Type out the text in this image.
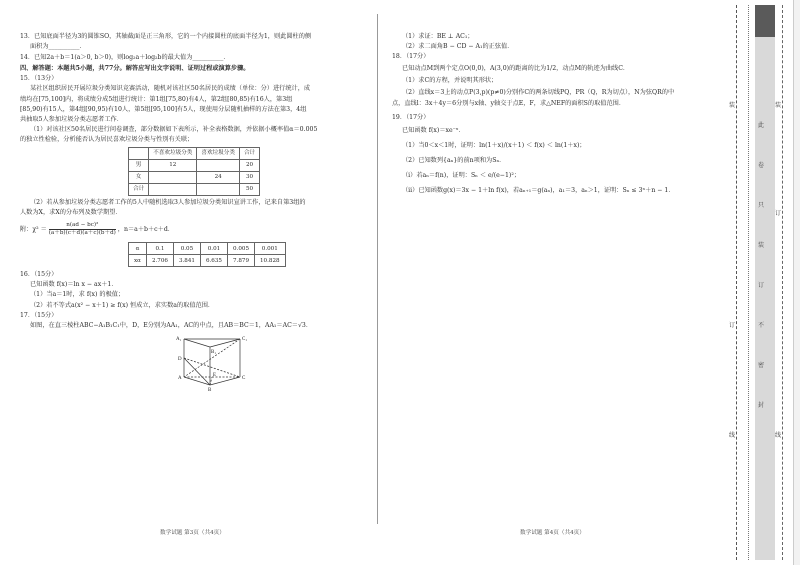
13．已知底面半径为3的圆锥SO，其轴截面是正三角形，它的一个内接圆柱的底面半径为1，则此圆柱的侧
面积为__________．
14．已知2a＋b＝1(a＞0, b＞0)，则log₂a＋log₂b的最大值为__________．
四、解答题：本题共5小题，共77分。解答应写出文字说明、证明过程或演算步骤。
15．（13分）
某社区组织居民开展垃圾分类知识竞赛活动，随机对该社区50名居民的成绩（单位：分）进行统计，成
绩均在[75,100]内，将成绩分成5组进行统计：第1组[75,80)有4人，第2组[80,85)有16人，第3组
[85,90)有15人，第4组[90,95)有10人，第5组[95,100]有5人，现使用分层随机抽样的方法在第3，4组
共抽取5人参加垃圾分类志愿者工作．
（1）对该社区50名居民进行问卷调查，部分数据如下表所示，补全表格数据，并依据小概率值α＝0.005
的独立性检验，分析能否认为居民喜欢垃圾分类与性别有关联；
	不喜欢垃圾分类	喜欢垃圾分类	合计
男	12		20
女		24	30
合计			50
（2）若从参加垃圾分类志愿者工作的5人中随机选取3人参加垃圾分类知识宣讲工作，记来自第3组的
人数为X，求X的分布列及数学期望．
附：$\chi^2 = \frac{\text{n(ad − bc)²}}{(a+b)(c+d)(a+c)(b+d)}$ ，n＝a＋b＋c＋d．
α	0.1	0.05	0.01	0.005	0.001
xα	2.706	3.841	6.635	7.879	10.828
16．（15分）
已知函数 f(x)＝ln x − ax＋1．
（1）当a＝1时，求 f(x) 的极值；
（2）若不等式a(x² − x＋1) ≥ f(x) 恒成立，求实数a的取值范围．
17．（15分）
如图，在直三棱柱ABC−A₁B₁C₁中，D，E分别为AA₁，AC的中点，且AB＝BC＝1，AA₁＝AC＝√3．
A₁	C₁
B₁
D
A
E
C
B
数学试题 第3页（共4页）
（1）求证：BE ⊥ AC₁；
（2）求二面角B − CD − A₁的正弦值．
18．（17分）
已知动点M到两个定点O(0,0)，A(3,0)的距离的比为1/2，动点M的轨迹为曲线C．
（1）求C的方程，并说明其形状；
（2）直线x＝3上的动点P(3,p)(p≠0)分别作C的两条切线PQ，PR（Q，R为切点），N为弦QR的中
点，直线l：3x＋4y＝6分别与x轴、y轴交于点E，F，求△NEF的面积S的取值范围．
19．（17分）
已知函数 f(x)＝xe⁻ˣ．
（1）当0＜x＜1时，证明：ln(1＋x)/(x＋1) ＜ f(x) ＜ ln(1＋x)；
（2）已知数列{aₙ}的前n项和为Sₙ．
（i）若aₙ＝f(n)，证明：Sₙ ＜ e/(e−1)²；
（ii）已知函数g(x)＝3x − 1＋ln f(x)，若aₙ₊₁＝g(aₙ)，a₁＝3，aₙ＞1，证明：Sₙ ≤ 3ⁿ＋n − 1．
数学试题 第4页（共4页）
此
卷
只
装
订
不
密
封
装
订
线
装
订
线
